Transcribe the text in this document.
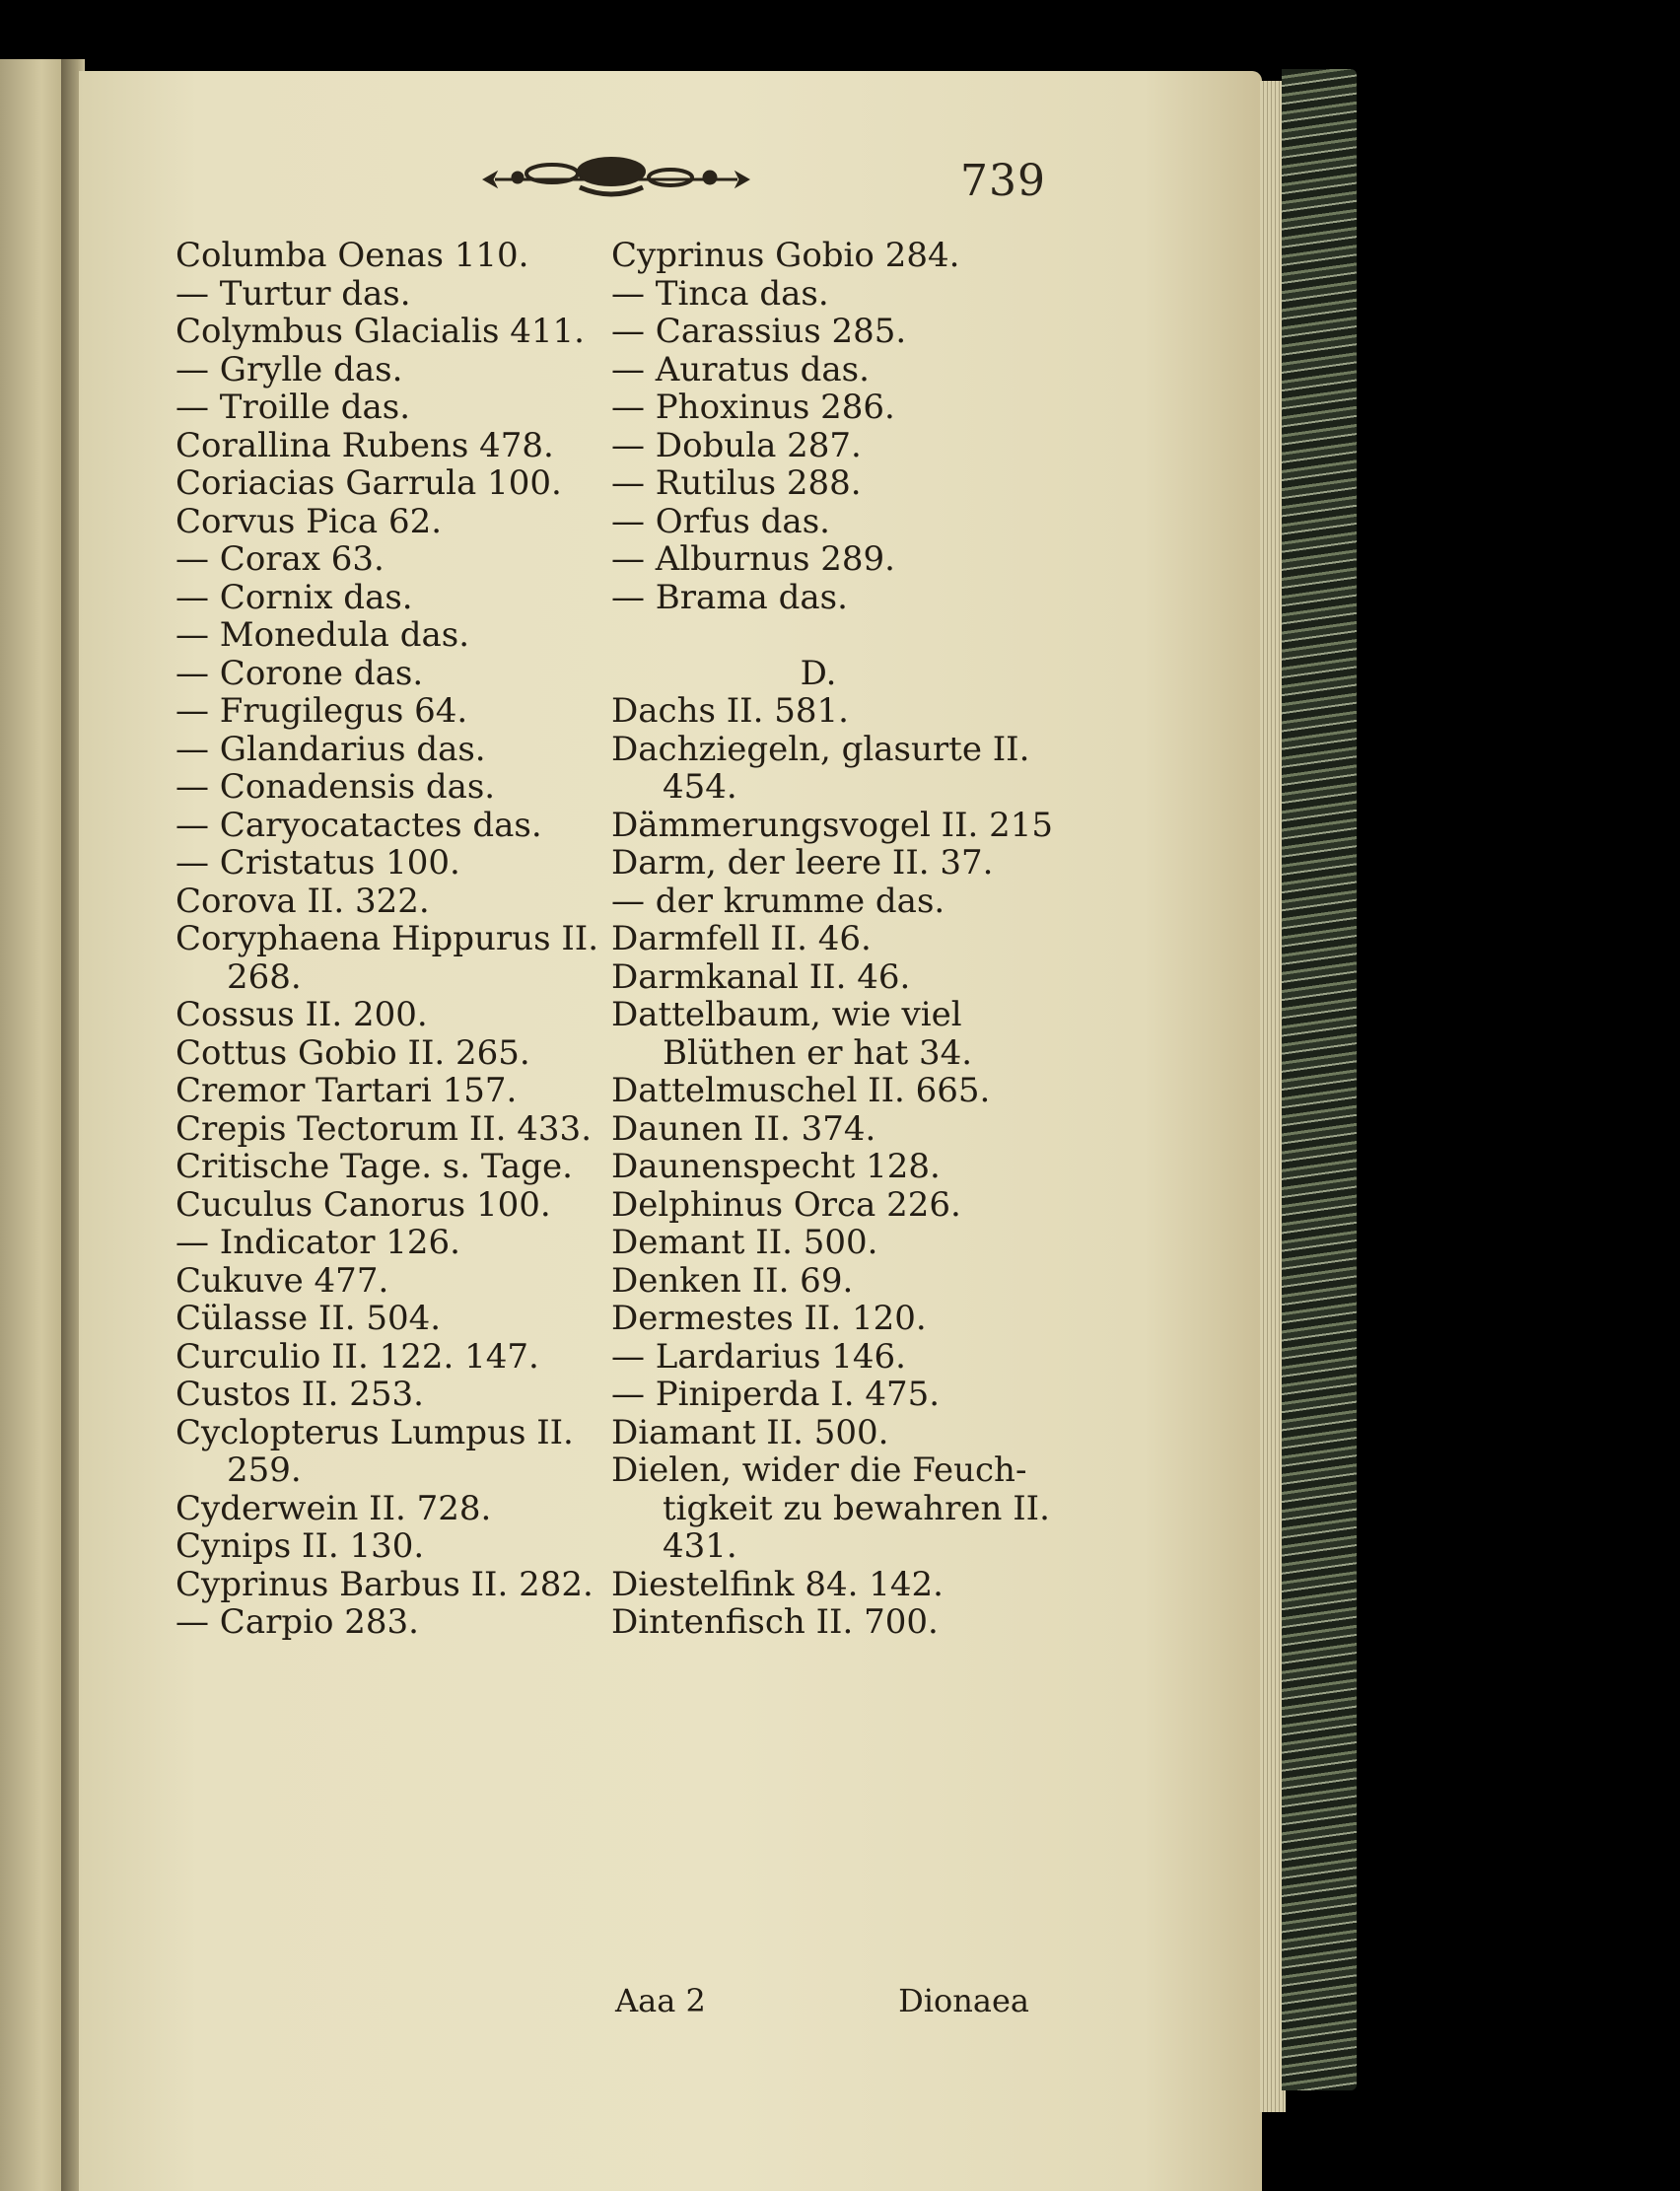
739
Columba Oenas 110.
— Turtur das.
Colymbus Glacialis 411.
— Grylle das.
— Troille das.
Corallina Rubens 478.
Coriacias Garrula 100.
Corvus Pica 62.
— Corax 63.
— Cornix das.
— Monedula das.
— Corone das.
— Frugilegus 64.
— Glandarius das.
— Conadensis das.
— Caryocatactes das.
— Cristatus 100.
Corova II. 322.
Coryphaena Hippurus II.
268.
Cossus II. 200.
Cottus Gobio II. 265.
Cremor Tartari 157.
Crepis Tectorum II. 433.
Critische Tage. s. Tage.
Cuculus Canorus 100.
— Indicator 126.
Cukuve 477.
Cülasse II. 504.
Curculio II. 122. 147.
Custos II. 253.
Cyclopterus Lumpus II.
259.
Cyderwein II. 728.
Cynips II. 130.
Cyprinus Barbus II. 282.
— Carpio 283.
Cyprinus Gobio 284.
— Tinca das.
— Carassius 285.
— Auratus das.
— Phoxinus 286.
— Dobula 287.
— Rutilus 288.
— Orfus das.
— Alburnus 289.
— Brama das.
D.
Dachs II. 581.
Dachziegeln, glasurte II.
454.
Dämmerungsvogel II. 215
Darm, der leere II. 37.
— der krumme das.
Darmfell II. 46.
Darmkanal II. 46.
Dattelbaum, wie viel
Blüthen er hat 34.
Dattelmuschel II. 665.
Daunen II. 374.
Daunenspecht 128.
Delphinus Orca 226.
Demant II. 500.
Denken II. 69.
Dermestes II. 120.
— Lardarius 146.
— Piniperda I. 475.
Diamant II. 500.
Dielen, wider die Feuch-
tigkeit zu bewahren II.
431.
Diestelfink 84. 142.
Dintenfisch II. 700.
Aaa 2	Dionaea
